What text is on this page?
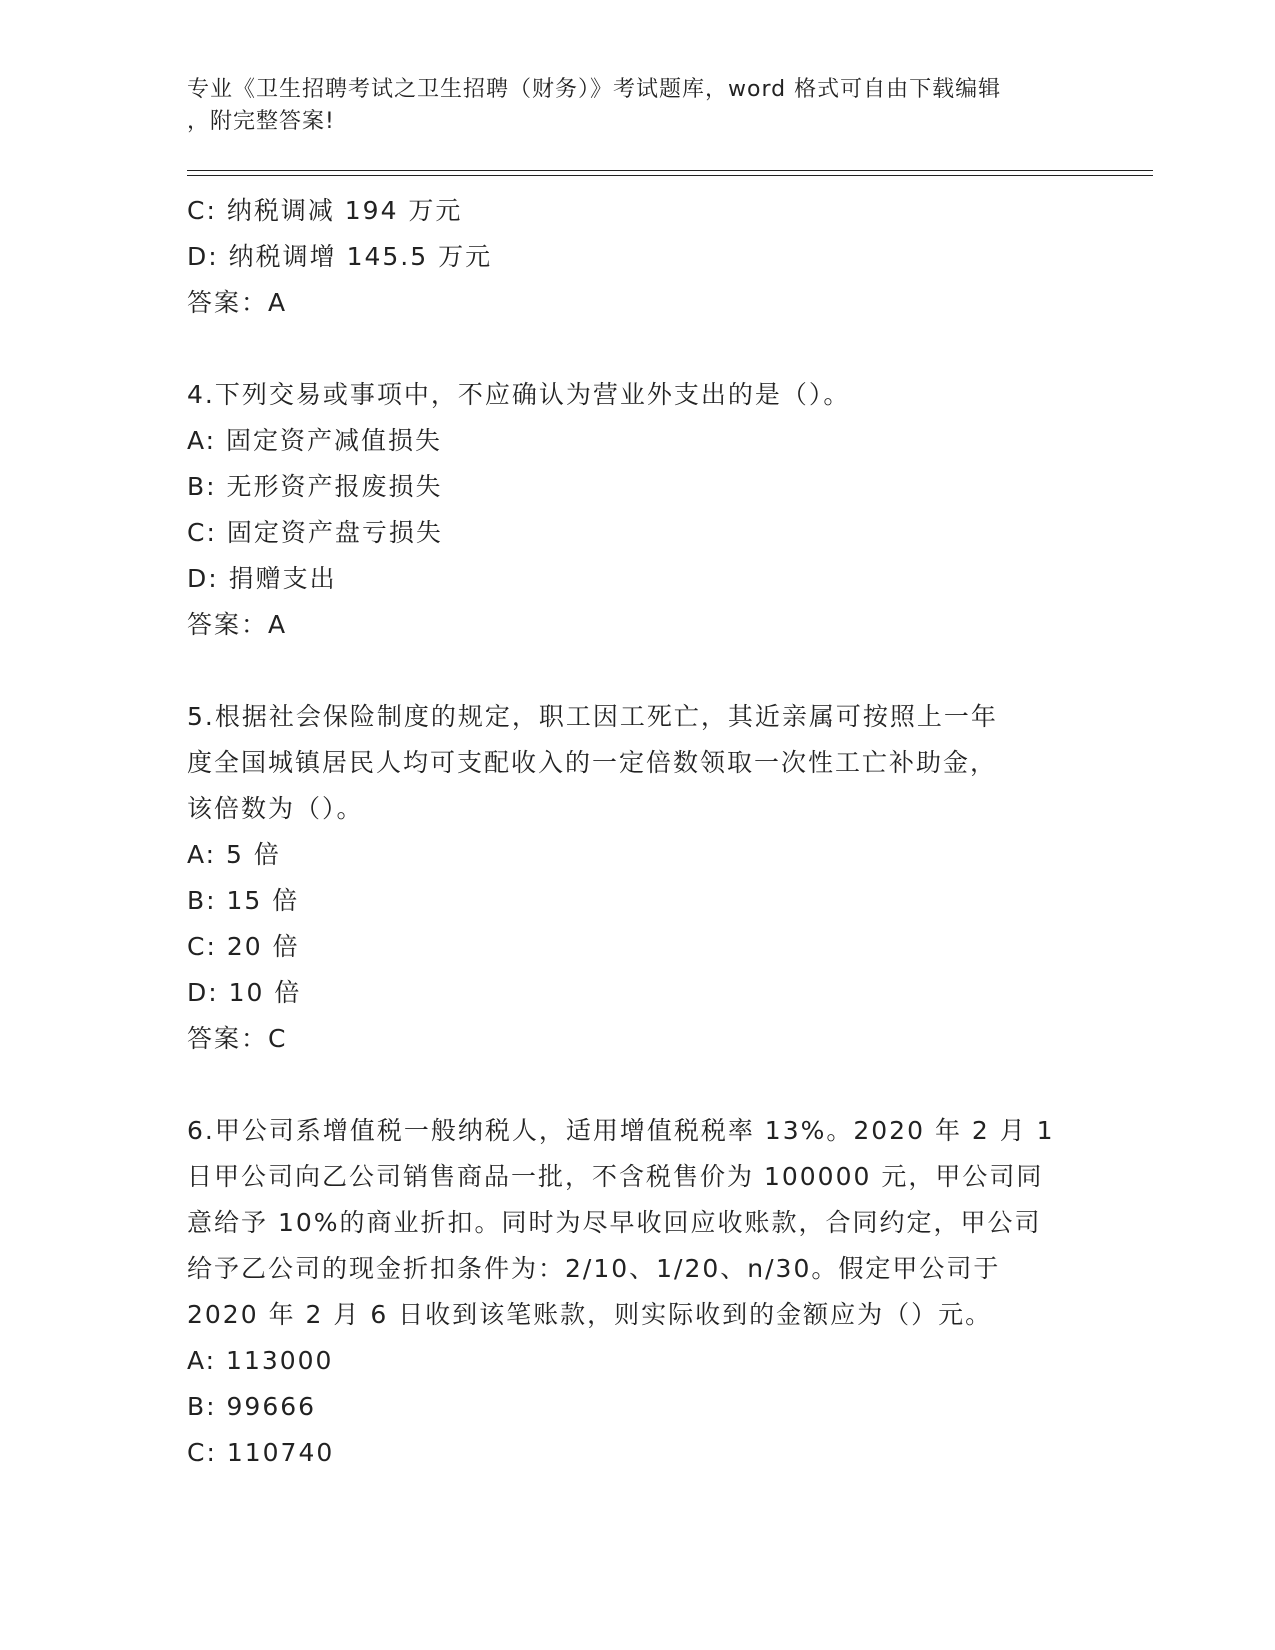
专业《卫生招聘考试之卫生招聘（财务）》考试题库，word 格式可自由下载编辑
，附完整答案!
C: 纳税调减 194 万元
D: 纳税调增 145.5 万元
答案：A
4.下列交易或事项中，不应确认为营业外支出的是（）。
A: 固定资产减值损失
B: 无形资产报废损失
C: 固定资产盘亏损失
D: 捐赠支出
答案：A
5.根据社会保险制度的规定，职工因工死亡，其近亲属可按照上一年
度全国城镇居民人均可支配收入的一定倍数领取一次性工亡补助金，
该倍数为（）。
A: 5 倍
B: 15 倍
C: 20 倍
D: 10 倍
答案：C
6.甲公司系增值税一般纳税人，适用增值税税率 13%。2020 年 2 月 1
日甲公司向乙公司销售商品一批，不含税售价为 100000 元，甲公司同
意给予 10%的商业折扣。同时为尽早收回应收账款，合同约定，甲公司
给予乙公司的现金折扣条件为：2/10、1/20、n/30。假定甲公司于
2020 年 2 月 6 日收到该笔账款，则实际收到的金额应为（）元。
A: 113000
B: 99666
C: 110740
